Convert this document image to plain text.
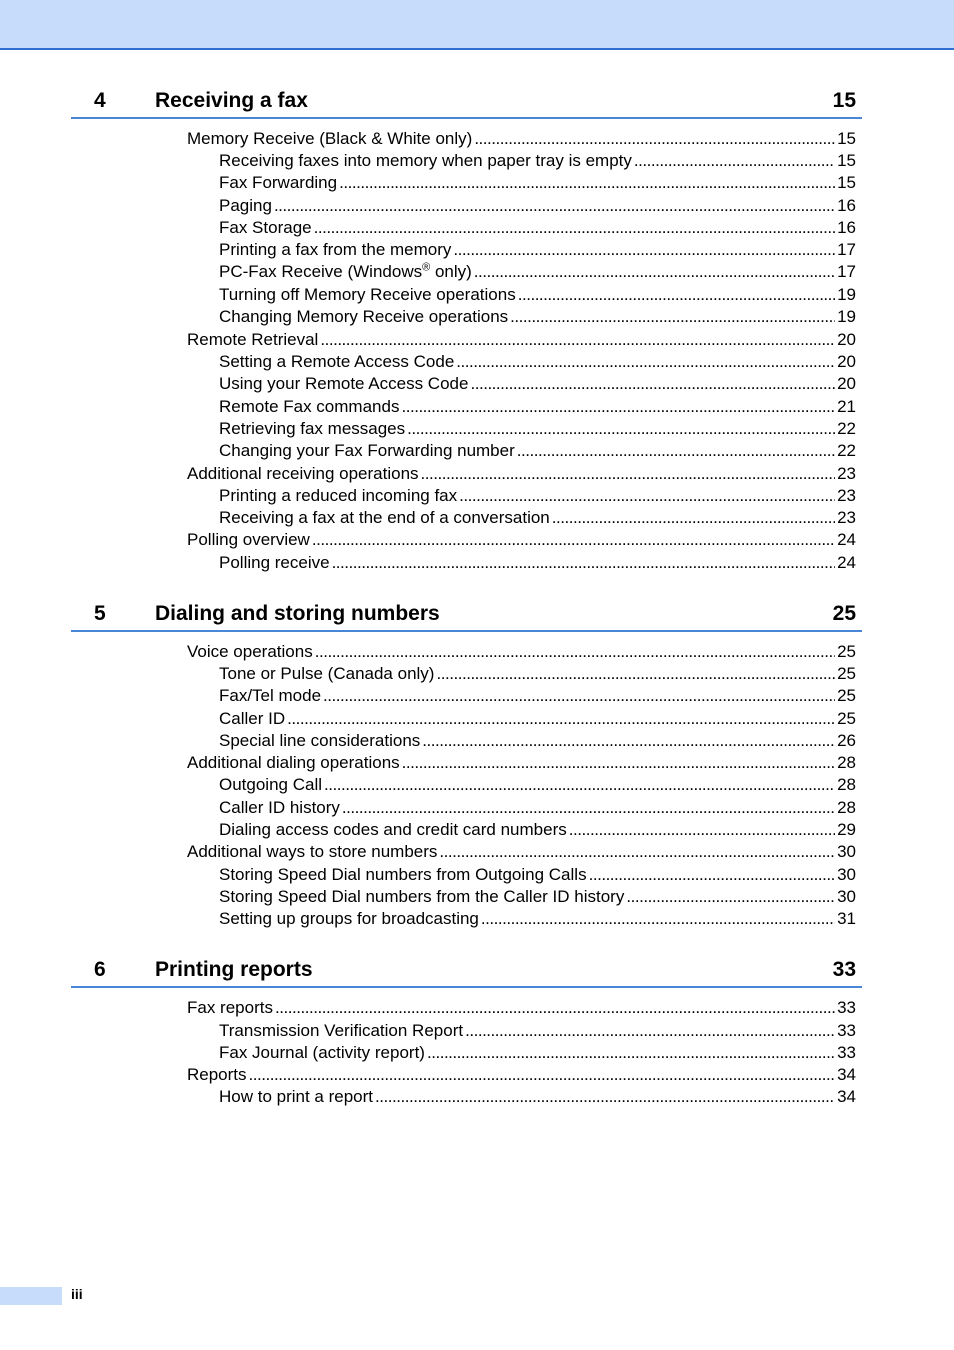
4 Receiving a fax	15
Memory Receive (Black & White only) . . .	15
Receiving faxes into memory when paper tray is empty . . .	15
Fax Forwarding . . .	15
Paging . . .	16
Fax Storage . . .	16
Printing a fax from the memory . . .	17
PC-Fax Receive (Windows® only) . . .	17
Turning off Memory Receive operations . . .	19
Changing Memory Receive operations . . .	19
Remote Retrieval . . .	20
Setting a Remote Access Code . . .	20
Using your Remote Access Code . . .	20
Remote Fax commands . . .	21
Retrieving fax messages . . .	22
Changing your Fax Forwarding number . . .	22
Additional receiving operations . . .	23
Printing a reduced incoming fax . . .	23
Receiving a fax at the end of a conversation . . .	23
Polling overview . . .	24
Polling receive . . .	24
5 Dialing and storing numbers	25
Voice operations . . .	25
Tone or Pulse (Canada only) . . .	25
Fax/Tel mode . . .	25
Caller ID . . .	25
Special line considerations . . .	26
Additional dialing operations . . .	28
Outgoing Call . . .	28
Caller ID history . . .	28
Dialing access codes and credit card numbers . . .	29
Additional ways to store numbers . . .	30
Storing Speed Dial numbers from Outgoing Calls . . .	30
Storing Speed Dial numbers from the Caller ID history . . .	30
Setting up groups for broadcasting . . .	31
6 Printing reports	33
Fax reports . . .	33
Transmission Verification Report . . .	33
Fax Journal (activity report) . . .	33
Reports . . .	34
How to print a report . . .	34
iii
